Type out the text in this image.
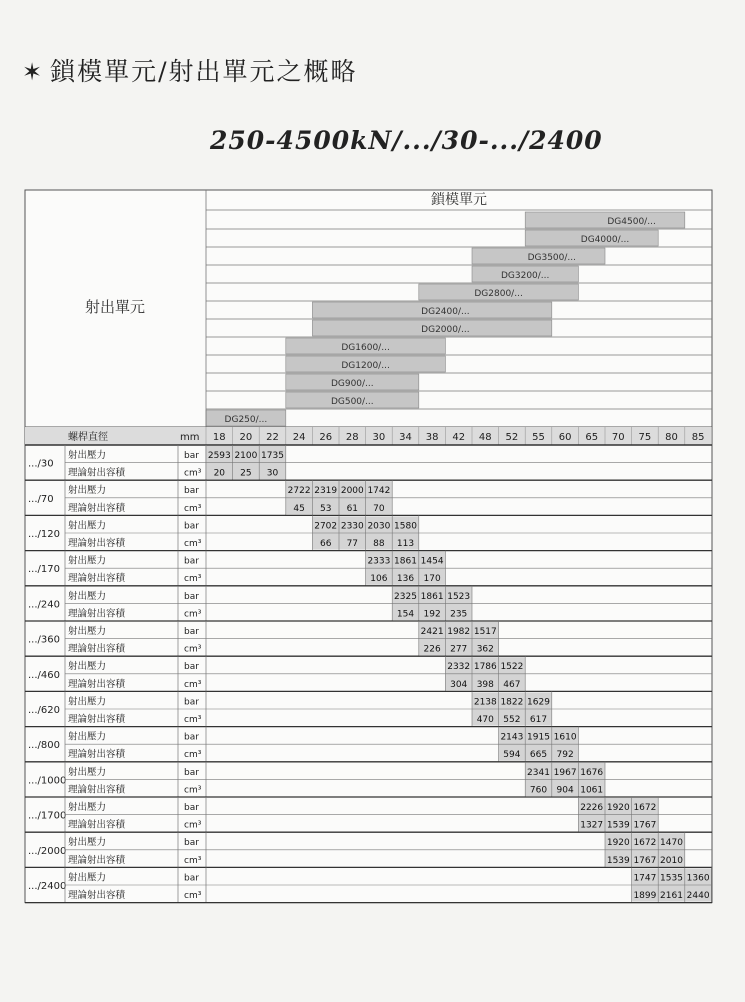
✶ 鎖模單元/射出單元之概略
250-4500kN/.../30-.../2400
鎖模單元
DG4500/...
DG4000/...
DG3500/...
DG3200/...
DG2800/...
DG2400/...
DG2000/...
DG1600/...
DG1200/...
DG900/...
DG500/...
DG250/...
射出單元
螺桿直徑	mm 18 20 22 24 26 28 30 34 38 42 48 52 55 60 65 70 75 80 85
.../30
射出壓力
理論射出容積
bar
cm³
2593 2100 1735
20 25 30
.../70
射出壓力
理論射出容積
bar
cm³
2722 2319 2000 1742
45 53 61 70
.../120
射出壓力
理論射出容積
bar
cm³
2702 2330 2030 1580
66 77 88 113
.../170
射出壓力
理論射出容積
bar
cm³
2333 1861 1454
106 136 170
.../240
射出壓力
理論射出容積
bar
cm³
2325 1861 1523
154 192 235
.../360
射出壓力
理論射出容積
bar
cm³
2421 1982 1517
226 277 362
.../460
射出壓力
理論射出容積
bar
cm³
2332 1786 1522
304 398 467
.../620
射出壓力
理論射出容積
bar
cm³
2138 1822 1629
470 552 617
.../800
射出壓力
理論射出容積
bar
cm³
2143 1915 1610
594 665 792
.../1000
射出壓力
理論射出容積
bar
cm³
2341 1967 1676
760 904 1061
.../1700
射出壓力
理論射出容積
bar
cm³
2226 1920 1672
1327 1539 1767
.../2000
射出壓力
理論射出容積
bar
cm³
1920 1672 1470
1539 1767 2010
.../2400
射出壓力
理論射出容積
bar
cm³
1747 1535 1360
1899 2161 2440
